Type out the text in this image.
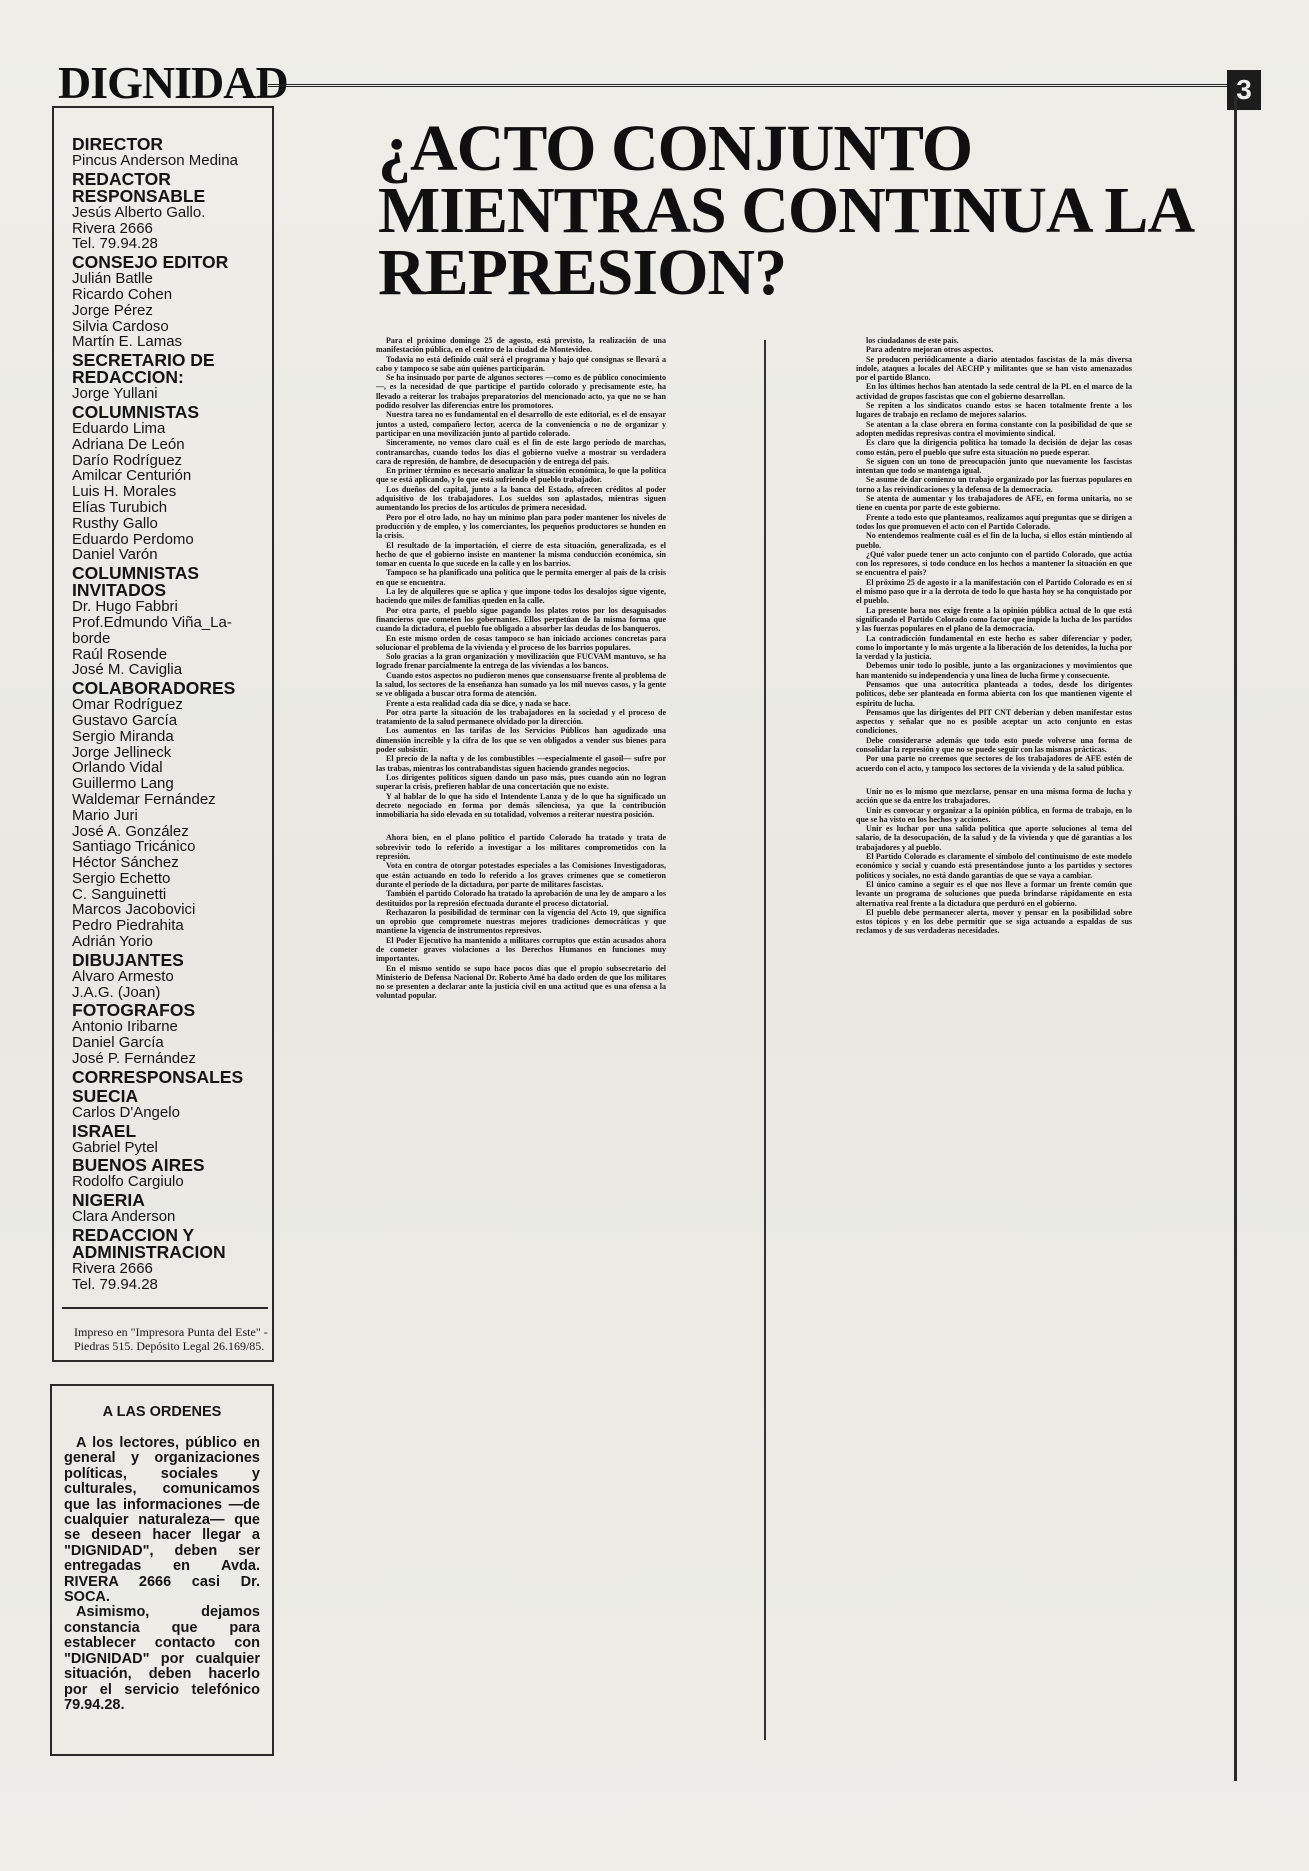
DIGNIDAD	3
DIRECTOR
Pincus Anderson Medina
REDACTOR RESPONSABLE
Jesús Alberto Gallo.
Rivera 2666
Tel. 79.94.28
CONSEJO EDITOR
Julián Batlle
Ricardo Cohen
Jorge Pérez
Silvia Cardoso
Martín E. Lamas
SECRETARIO DE REDACCION:
Jorge Yullani
COLUMNISTAS
Eduardo Lima
Adriana De León
Darío Rodríguez
Amilcar Centurión
Luis H. Morales
Elías Turubich
Rusthy Gallo
Eduardo Perdomo
Daniel Varón
COLUMNISTAS INVITADOS
Dr. Hugo Fabbri
Prof.Edmundo Viña_La-borde
Raúl Rosende
José M. Caviglia
COLABORADORES
Omar Rodríguez
Gustavo García
Sergio Miranda
Jorge Jellineck
Orlando Vidal
Guillermo Lang
Waldemar Fernández
Mario Juri
José A. González
Santiago Tricánico
Héctor Sánchez
Sergio Echetto
C. Sanguinetti
Marcos Jacobovici
Pedro Piedrahita
Adrián Yorio
DIBUJANTES
Alvaro Armesto
J.A.G. (Joan)
FOTOGRAFOS
Antonio Iribarne
Daniel García
José P. Fernández
CORRESPONSALES
SUECIA
Carlos D'Angelo
ISRAEL
Gabriel Pytel
BUENOS AIRES
Rodolfo Cargiulo
NIGERIA
Clara Anderson
REDACCION Y ADMINISTRACION
Rivera 2666
Tel. 79.94.28
Impreso en "Impresora Punta del Este" - Piedras 515. Depósito Legal 26.169/85.
A LAS ORDENES

A los lectores, público en general y organizaciones políticas, sociales y culturales, comunicamos que las informaciones —de cualquier naturaleza— que se deseen hacer llegar a "DIGNIDAD", deben ser entregadas en Avda. RIVERA 2666 casi Dr. SOCA.

Asimismo, dejamos constancia que para establecer contacto con "DIGNIDAD" por cualquier situación, deben hacerlo por el servicio telefónico 79.94.28.

¿ACTO CONJUNTO
MIENTRAS CONTINUA LA
REPRESION?

Para el próximo domingo 25 de agosto, está previsto, la realización de una manifestación pública, en el centro de la ciudad de Montevideo.

Todavía no está definido cuál será el programa y bajo qué consignas se llevará a cabo y tampoco se sabe aún quiénes participarán.

Se ha insinuado por parte de algunos sectores —como es de público conocimiento—, es la necesidad de que participe el partido colorado y precisamente este, ha llevado a reiterar los trabajos preparatorios del mencionado acto, ya que no se han podido resolver las diferencias entre los promotores.

Nuestra tarea no es fundamental en el desarrollo de este editorial, es el de ensayar juntos a usted, compañero lector, acerca de la conveniencia o no de organizar y participar en una movilización junto al partido colorado.

Sinceramente, no vemos claro cuál es el fin de este largo período de marchas, contramarchas, cuando todos los días el gobierno vuelve a mostrar su verdadera cara de represión, de hambre, de desocupación y de entrega del país.

En primer término es necesario analizar la situación económica, lo que la política que se está aplicando, y lo que está sufriendo el pueblo trabajador.

Los dueños del capital, junto a la banca del Estado, ofrecen créditos al poder adquisitivo de los trabajadores. Los sueldos son aplastados, mientras siguen aumentando los precios de los artículos de primera necesidad.

Pero por el otro lado, no hay un mínimo plan para poder mantener los niveles de producción y de empleo, y los comerciantes, los pequeños productores se hunden en la crisis.

El resultado de la importación, el cierre de esta situación, generalizada, es el hecho de que el gobierno insiste en mantener la misma conducción económica, sin tomar en cuenta lo que sucede en la calle y en los barrios.

Tampoco se ha planificado una política que le permita emerger al país de la crisis en que se encuentra.

La ley de alquileres que se aplica y que impone todos los desalojos sigue vigente, haciendo que miles de familias queden en la calle.

Por otra parte, el pueblo sigue pagando los platos rotos por los desaguisados financieros que cometen los gobernantes. Ellos perpetúan de la misma forma que cuando la dictadura, el pueblo fue obligado a absorber las deudas de los banqueros.

En este mismo orden de cosas tampoco se han iniciado acciones concretas para solucionar el problema de la vivienda y el proceso de los barrios populares.

Solo gracias a la gran organización y movilización que FUCVAM mantuvo, se ha logrado frenar parcialmente la entrega de las viviendas a los bancos.

Cuando estos aspectos no pudieron menos que consensuarse frente al problema de la salud, los sectores de la enseñanza han sumado ya los mil nuevos casos, y la gente se ve obligada a buscar otra forma de atención.

Frente a esta realidad cada día se dice, y nada se hace.

Por otra parte la situación de los trabajadores en la sociedad y el proceso de tratamiento de la salud permanece olvidado por la dirección.

Los aumentos en las tarifas de los Servicios Públicos han agudizado una dimensión increíble y la cifra de los que se ven obligados a vender sus bienes para poder subsistir.

El precio de la nafta y de los combustibles —especialmente el gasoil— sufre por las trabas, mientras los contrabandistas siguen haciendo grandes negocios.

Los dirigentes políticos siguen dando un paso más, pues cuando aún no logran superar la crisis, prefieren hablar de una concertación que no existe.

Y al hablar de lo que ha sido el Intendente Lanza y de lo que ha significado un decreto negociado en forma por demás silenciosa, ya que la contribución inmobiliaria ha sido elevada en su totalidad, volvemos a reiterar nuestra posición.

Ahora bien, en el plano político el partido Colorado ha tratado y trata de sobrevivir todo lo referido a investigar a los militares comprometidos con la represión.

Vota en contra de otorgar potestades especiales a las Comisiones Investigadoras, que están actuando en todo lo referido a los graves crímenes que se cometieron durante el período de la dictadura, por parte de militares fascistas.

También el partido Colorado ha tratado la aprobación de una ley de amparo a los destituidos por la represión efectuada durante el proceso dictatorial.

Rechazaron la posibilidad de terminar con la vigencia del Acto 19, que significa un oprobio que compromete nuestras mejores tradiciones democráticas y que mantiene la vigencia de instrumentos represivos.

El Poder Ejecutivo ha mantenido a militares corruptos que están acusados ahora de cometer graves violaciones a los Derechos Humanos en funciones muy importantes.

En el mismo sentido se supo hace pocos días que el propio subsecretario del Ministerio de Defensa Nacional Dr. Roberto Amé ha dado orden de que los militares no se presenten a declarar ante la justicia civil en una actitud que es una ofensa a la voluntad popular.

los ciudadanos de este país.

Para adentro mejoran otros aspectos.

Se producen periódicamente a diario atentados fascistas de la más diversa índole, ataques a locales del AECHP y militantes que se han visto amenazados por el partido Blanco.

En los últimos hechos han atentado la sede central de la PL en el marco de la actividad de grupos fascistas que con el gobierno desarrollan.

Se repiten a los sindicatos cuando estos se hacen totalmente frente a los lugares de trabajo en reclamo de mejores salarios.

Se atentan a la clase obrera en forma constante con la posibilidad de que se adopten medidas represivas contra el movimiento sindical.

Es claro que la dirigencia política ha tomado la decisión de dejar las cosas como están, pero el pueblo que sufre esta situación no puede esperar.

Se siguen con un tono de preocupación junto que nuevamente los fascistas intentan que todo se mantenga igual.

Se asume de dar comienzo un trabajo organizado por las fuerzas populares en torno a las reivindicaciones y la defensa de la democracia.

Se atenta de aumentar y los trabajadores de AFE, en forma unitaria, no se tiene en cuenta por parte de este gobierno.

Frente a todo esto que planteamos, realizamos aquí preguntas que se dirigen a todos los que promueven el acto con el Partido Colorado.

No entendemos realmente cuál es el fin de la lucha, si ellos están mintiendo al pueblo.

¿Qué valor puede tener un acto conjunto con el partido Colorado, que actúa con los represores, si todo conduce en los hechos a mantener la situación en que se encuentra el país?

El próximo 25 de agosto ir a la manifestación con el Partido Colorado es en sí el mismo paso que ir a la derrota de todo lo que hasta hoy se ha conquistado por el pueblo.

La presente hora nos exige frente a la opinión pública actual de lo que está significando el Partido Colorado como factor que impide la lucha de los partidos y las fuerzas populares en el plano de la democracia.

La contradicción fundamental en este hecho es saber diferenciar y poder, como lo importante y lo más urgente a la liberación de los detenidos, la lucha por la verdad y la justicia.

Debemos unir todo lo posible, junto a las organizaciones y movimientos que han mantenido su independencia y una línea de lucha firme y consecuente.

Pensamos que una autocrítica planteada a todos, desde los dirigentes políticos, debe ser planteada en forma abierta con los que mantienen vigente el espíritu de lucha.

Pensamos que las dirigentes del PIT CNT deberían y deben manifestar estos aspectos y señalar que no es posible aceptar un acto conjunto en estas condiciones.

Debe considerarse además que todo esto puede volverse una forma de consolidar la represión y que no se puede seguir con las mismas prácticas.

Por una parte no creemos que sectores de los trabajadores de AFE estén de acuerdo con el acto, y tampoco los sectores de la vivienda y de la salud pública.

Unir no es lo mismo que mezclarse, pensar en una misma forma de lucha y acción que se da entre los trabajadores.

Unir es convocar y organizar a la opinión pública, en forma de trabajo, en lo que se ha visto en los hechos y acciones.

Unir es luchar por una salida política que aporte soluciones al tema del salario, de la desocupación, de la salud y de la vivienda y que dé garantías a los trabajadores y al pueblo.

El Partido Colorado es claramente el símbolo del continuismo de este modelo económico y social y cuando está presentándose junto a los partidos y sectores políticos y sociales, no está dando garantías de que se vaya a cambiar.

El único camino a seguir es el que nos lleve a formar un frente común que levante un programa de soluciones que pueda brindarse rápidamente en esta alternativa real frente a la dictadura que perduró en el gobierno.

El pueblo debe permanecer alerta, mover y pensar en la posibilidad sobre estos tópicos y en los debe permitir que se siga actuando a espaldas de sus reclamos y de sus verdaderas necesidades.
